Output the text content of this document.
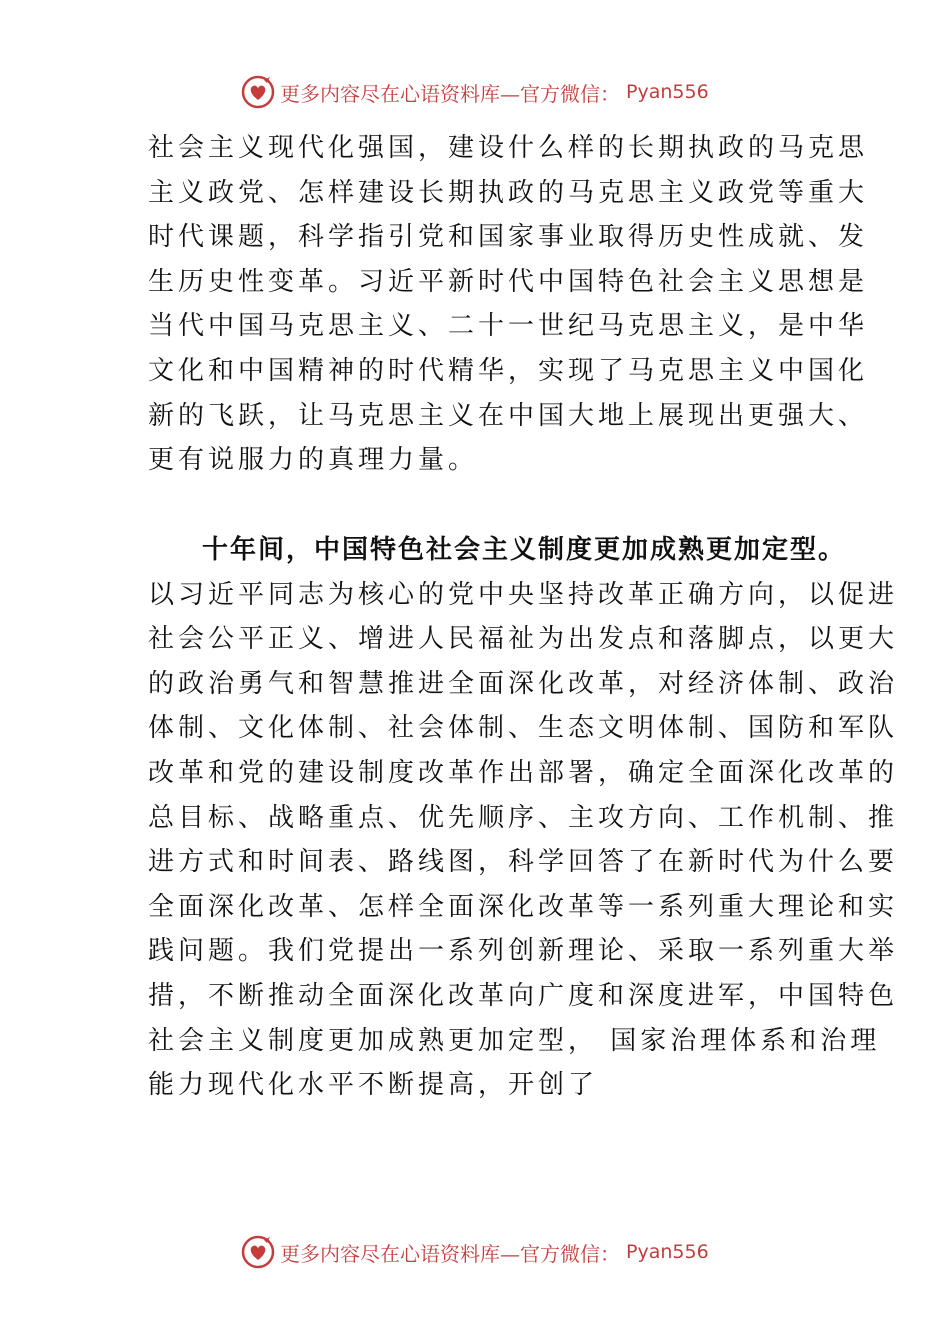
更多内容尽在心语资料库—官方微信： Pyan556
社会主义现代化强国，建设什么样的长期执政的马克思
主义政党、怎样建设长期执政的马克思主义政党等重大
时代课题，科学指引党和国家事业取得历史性成就、发
生历史性变革。习近平新时代中国特色社会主义思想是
当代中国马克思主义、二十一世纪马克思主义，是中华
文化和中国精神的时代精华，实现了马克思主义中国化
新的飞跃，让马克思主义在中国大地上展现出更强大、
更有说服力的真理力量。
十年间，中国特色社会主义制度更加成熟更加定型。
以习近平同志为核心的党中央坚持改革正确方向，以促进
社会公平正义、增进人民福祉为出发点和落脚点，以更大
的政治勇气和智慧推进全面深化改革，对经济体制、政治
体制、文化体制、社会体制、生态文明体制、国防和军队
改革和党的建设制度改革作出部署，确定全面深化改革的
总目标、战略重点、优先顺序、主攻方向、工作机制、推
进方式和时间表、路线图，科学回答了在新时代为什么要
全面深化改革、怎样全面深化改革等一系列重大理论和实
践问题。我们党提出一系列创新理论、采取一系列重大举
措，不断推动全面深化改革向广度和深度进军，中国特色
社会主义制度更加成熟更加定型， 国家治理体系和治理
能力现代化水平不断提高，开创了
更多内容尽在心语资料库—官方微信： Pyan556
